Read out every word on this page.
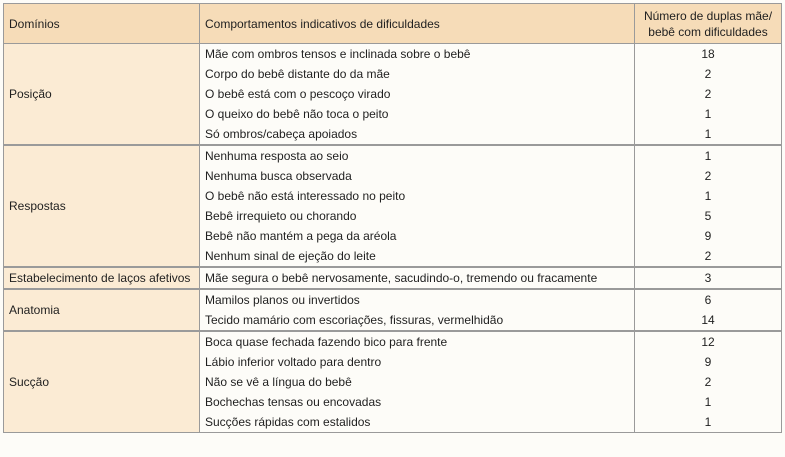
Domínios	Comportamentos indicativos de dificuldades	Número de duplas mãe/ bebê com dificuldades
Posição	Mãe com ombros tensos e inclinada sobre o bebê	18
	Corpo do bebê distante do da mãe	2
	O bebê está com o pescoço virado	2
	O queixo do bebê não toca o peito	1
	Só ombros/cabeça apoiados	1
Respostas	Nenhuma resposta ao seio	1
	Nenhuma busca observada	2
	O bebê não está interessado no peito	1
	Bebê irrequieto ou chorando	5
	Bebê não mantém a pega da aréola	9
	Nenhum sinal de ejeção do leite	2
Estabelecimento de laços afetivos	Mãe segura o bebê nervosamente, sacudindo-o, tremendo ou fracamente	3
Anatomia	Mamilos planos ou invertidos	6
	Tecido mamário com escoriações, fissuras, vermelhidão	14
Sucção	Boca quase fechada fazendo bico para frente	12
	Lábio inferior voltado para dentro	9
	Não se vê a língua do bebê	2
	Bochechas tensas ou encovadas	1
	Sucções rápidas com estalidos	1
